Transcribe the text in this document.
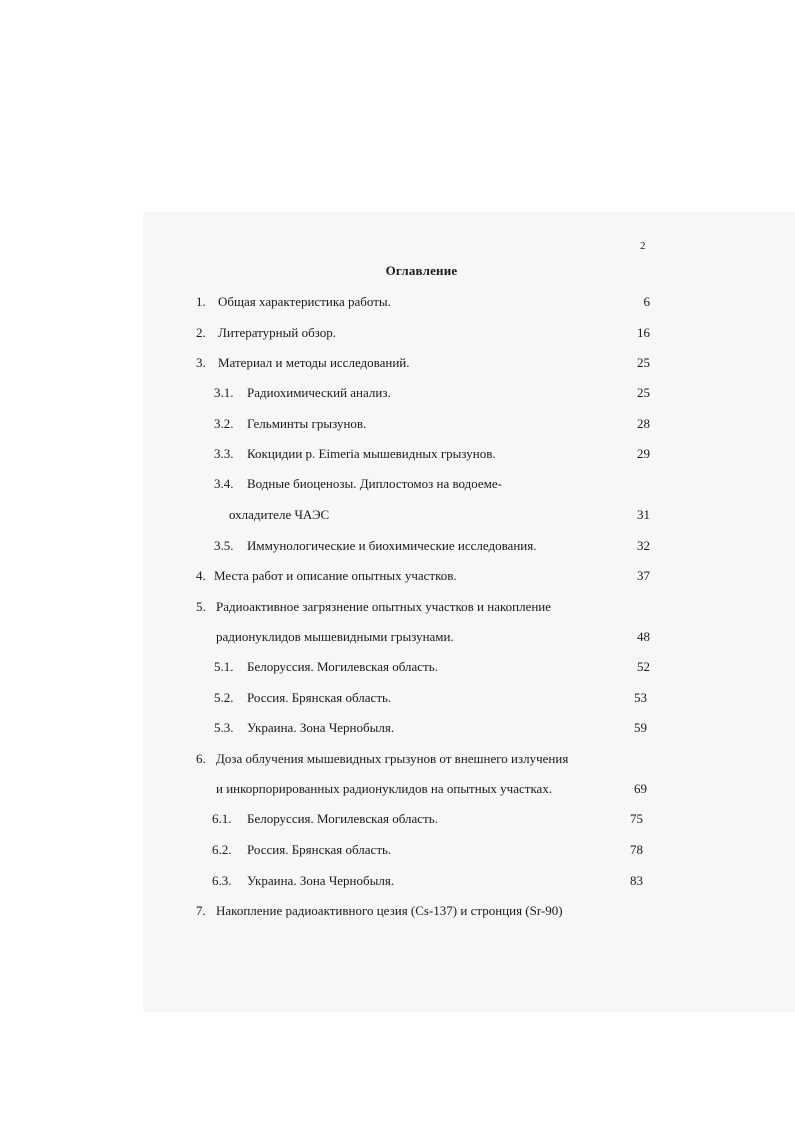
2
Оглавление
1. Общая характеристика работы.	6
2. Литературный обзор.	16
3. Материал и методы исследований.	25
3.1. Радиохимический анализ.	25
3.2. Гельминты грызунов.	28
3.3. Кокцидии р. Eimeria мышевидных грызунов.	29
3.4. Водные биоценозы. Диплостомоз на водоеме-
охладителе ЧАЭС	31
3.5. Иммунологические и биохимические исследования.	32
4. Места работ и описание опытных участков.	37
5. Радиоактивное загрязнение опытных участков и накопление
радионуклидов мышевидными грызунами.	48
5.1. Белоруссия. Могилевская область.	52
5.2. Россия. Брянская область.	53
5.3. Украина. Зона Чернобыля.	59
6. Доза облучения мышевидных грызунов от внешнего излучения
и инкорпорированных радионуклидов на опытных участках.	69
6.1. Белоруссия. Могилевская область.	75
6.2. Россия. Брянская область.	78
6.3. Украина. Зона Чернобыля.	83
7. Накопление радиоактивного цезия (Cs-137) и стронция (Sr-90)
